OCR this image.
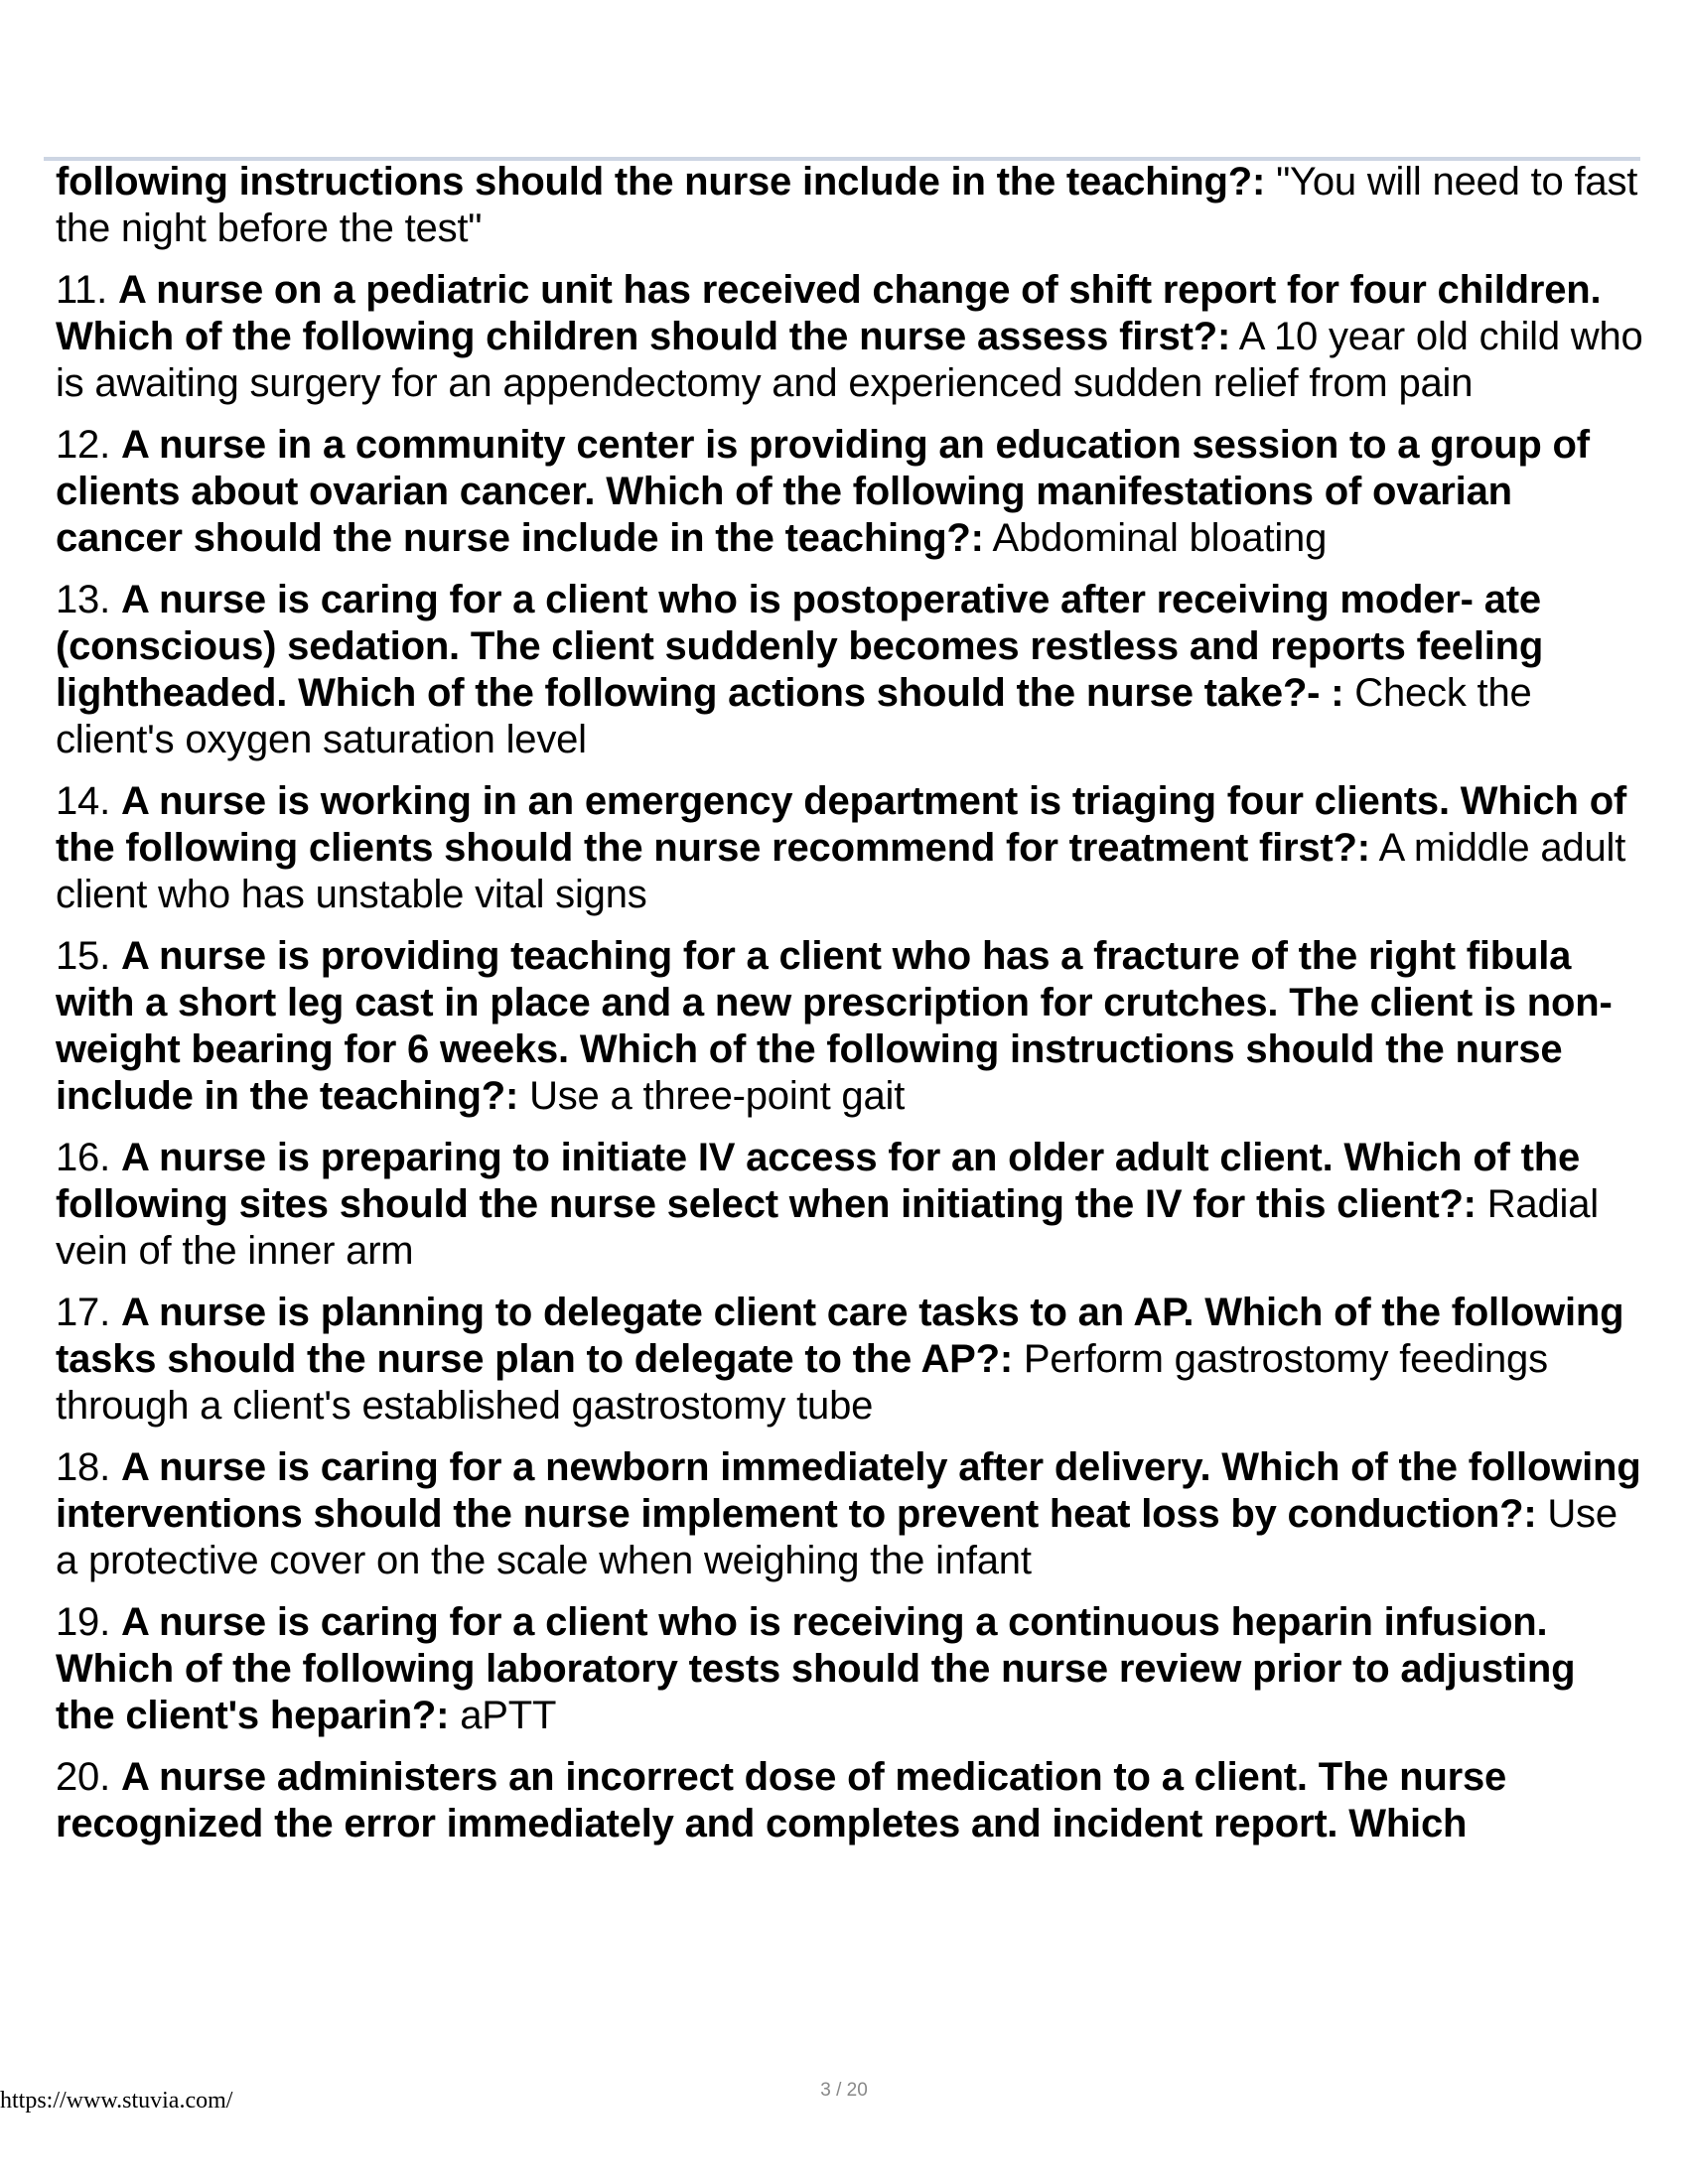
following instructions should the nurse include in the teaching?: "You will need to fast the night before the test"

11. A nurse on a pediatric unit has received change of shift report for four children. Which of the following children should the nurse assess first?: A 10 year old child who is awaiting surgery for an appendectomy and experienced sudden relief from pain

12. A nurse in a community center is providing an education session to a group of clients about ovarian cancer. Which of the following manifestations of ovarian cancer should the nurse include in the teaching?: Abdominal bloating

13. A nurse is caring for a client who is postoperative after receiving moder- ate (conscious) sedation. The client suddenly becomes restless and reports feeling lightheaded. Which of the following actions should the nurse take?- : Check the client's oxygen saturation level

14. A nurse is working in an emergency department is triaging four clients. Which of the following clients should the nurse recommend for treatment first?: A middle adult client who has unstable vital signs

15. A nurse is providing teaching for a client who has a fracture of the right fibula with a short leg cast in place and a new prescription for crutches. The client is non-weight bearing for 6 weeks. Which of the following instructions should the nurse include in the teaching?: Use a three-point gait

16. A nurse is preparing to initiate IV access for an older adult client. Which of the following sites should the nurse select when initiating the IV for this client?: Radial vein of the inner arm

17. A nurse is planning to delegate client care tasks to an AP. Which of the following tasks should the nurse plan to delegate to the AP?: Perform gastrostomy feedings through a client's established gastrostomy tube

18. A nurse is caring for a newborn immediately after delivery. Which of the following interventions should the nurse implement to prevent heat loss by conduction?: Use a protective cover on the scale when weighing the infant

19. A nurse is caring for a client who is receiving a continuous heparin infusion. Which of the following laboratory tests should the nurse review prior to adjusting the client's heparin?: aPTT

20. A nurse administers an incorrect dose of medication to a client. The nurse recognized the error immediately and completes and incident report. Which

https://www.stuvia.com/	3 / 20
